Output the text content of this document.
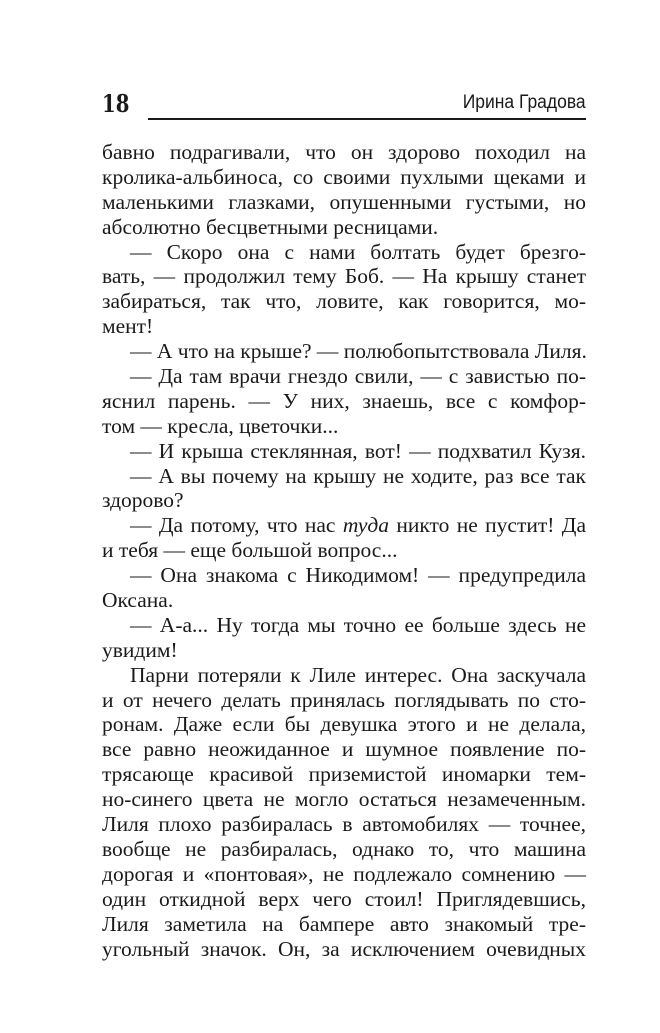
18	Ирина Градова
бавно подрагивали, что он здорово походил на
кролика-альбиноса, со своими пухлыми щеками и
маленькими глазками, опушенными густыми, но
абсолютно бесцветными ресницами.
— Скоро она с нами болтать будет брезго-
вать, — продолжил тему Боб. — На крышу станет
забираться, так что, ловите, как говорится, мо-
мент!
— А что на крыше? — полюбопытствовала Лиля.
— Да там врачи гнездо свили, — с завистью по-
яснил парень. — У них, знаешь, все с комфор-
том — кресла, цветочки...
— И крыша стеклянная, вот! — подхватил Кузя.
— А вы почему на крышу не ходите, раз все так
здорово?
— Да потому, что нас туда никто не пустит! Да
и тебя — еще большой вопрос...
— Она знакома с Никодимом! — предупредила
Оксана.
— А-а... Ну тогда мы точно ее больше здесь не
увидим!
Парни потеряли к Лиле интерес. Она заскучала
и от нечего делать принялась поглядывать по сто-
ронам. Даже если бы девушка этого и не делала,
все равно неожиданное и шумное появление по-
трясающе красивой приземистой иномарки тем-
но-синего цвета не могло остаться незамеченным.
Лиля плохо разбиралась в автомобилях — точнее,
вообще не разбиралась, однако то, что машина
дорогая и «понтовая», не подлежало сомнению —
один откидной верх чего стоил! Приглядевшись,
Лиля заметила на бампере авто знакомый тре-
угольный значок. Он, за исключением очевидных
